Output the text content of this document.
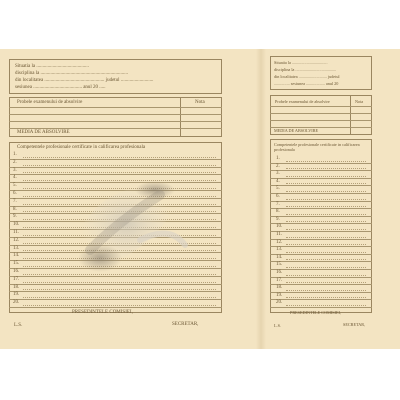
Situatia la ..........................................
disciplina la ......................................................................
din localitatea ................................................ judetul ..........................
sesiunea ....................................... anul 20 .....
Probele examenului de absolvire	Nota
MEDIA DE ABSOLVIRE
Competentele profesionale certificate in calificarea profesionala
1.
2.
3.
4.
5.
6.
7.
8.
9.
10.
11.
12.
13.
14.
15.
16.
17.
18.
19.
20.
PRESEDINTELE COMISIEI,
L.S.	SECRETAR,
Situatia la ..................................
disciplina la .......................................
din localitatea ........................... judetul
............... sesiunea .................. anul 20
Probele examenului de absolvire	Nota
MEDIA DE ABSOLVIRE
Competentele profesionale certificate in calificarea
profesionala
1.
2.
3.
4.
5.
6.
7.
8.
9.
10.
11.
12.
13.
14.
15.
16.
17.
18.
19.
20.
PRESEDINTELE COMISIEI,
L.S.	SECRETAR,
